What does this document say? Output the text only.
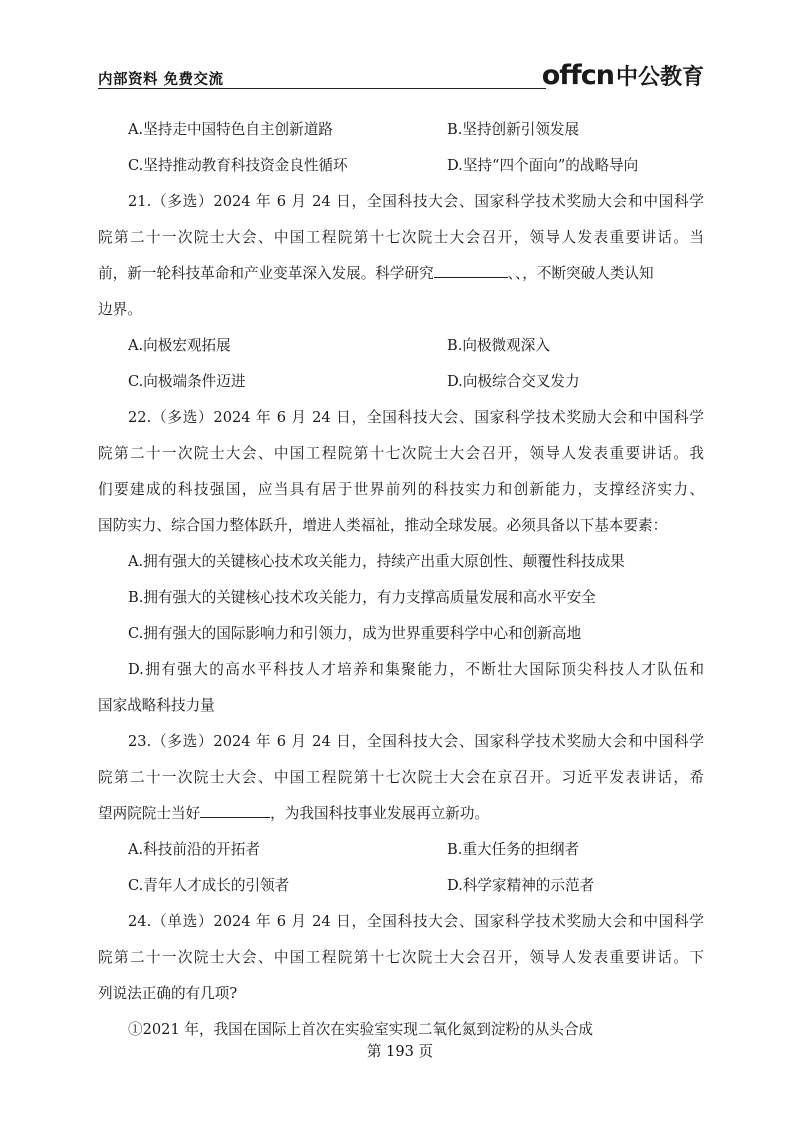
内部资料 免费交流	offcn中公教育
A.坚持走中国特色自主创新道路	B.坚持创新引领发展
C.坚持推动教育科技资金良性循环	D.坚持“四个面向”的战略导向
21.（多选）2024 年 6 月 24 日，全国科技大会、国家科学技术奖励大会和中国科学
院第二十一次院士大会、中国工程院第十七次院士大会召开，领导人发表重要讲话。当
前，新一轮科技革命和产业变革深入发展。科学研究	、、，不断突破人类认知
边界。
A.向极宏观拓展	B.向极微观深入
C.向极端条件迈进	D.向极综合交叉发力
22.（多选）2024 年 6 月 24 日，全国科技大会、国家科学技术奖励大会和中国科学
院第二十一次院士大会、中国工程院第十七次院士大会召开，领导人发表重要讲话。我
们要建成的科技强国，应当具有居于世界前列的科技实力和创新能力，支撑经济实力、
国防实力、综合国力整体跃升，增进人类福祉，推动全球发展。必须具备以下基本要素：
A.拥有强大的关键核心技术攻关能力，持续产出重大原创性、颠覆性科技成果
B.拥有强大的关键核心技术攻关能力，有力支撑高质量发展和高水平安全
C.拥有强大的国际影响力和引领力，成为世界重要科学中心和创新高地
D.拥有强大的高水平科技人才培养和集聚能力，不断壮大国际顶尖科技人才队伍和
国家战略科技力量
23.（多选）2024 年 6 月 24 日，全国科技大会、国家科学技术奖励大会和中国科学
院第二十一次院士大会、中国工程院第十七次院士大会在京召开。习近平发表讲话，希
望两院院士当好	，为我国科技事业发展再立新功。
A.科技前沿的开拓者	B.重大任务的担纲者
C.青年人才成长的引领者	D.科学家精神的示范者
24.（单选）2024 年 6 月 24 日，全国科技大会、国家科学技术奖励大会和中国科学
院第二十一次院士大会、中国工程院第十七次院士大会召开，领导人发表重要讲话。下
列说法正确的有几项?
①2021 年，我国在国际上首次在实验室实现二氧化氮到淀粉的从头合成
第 193 页
